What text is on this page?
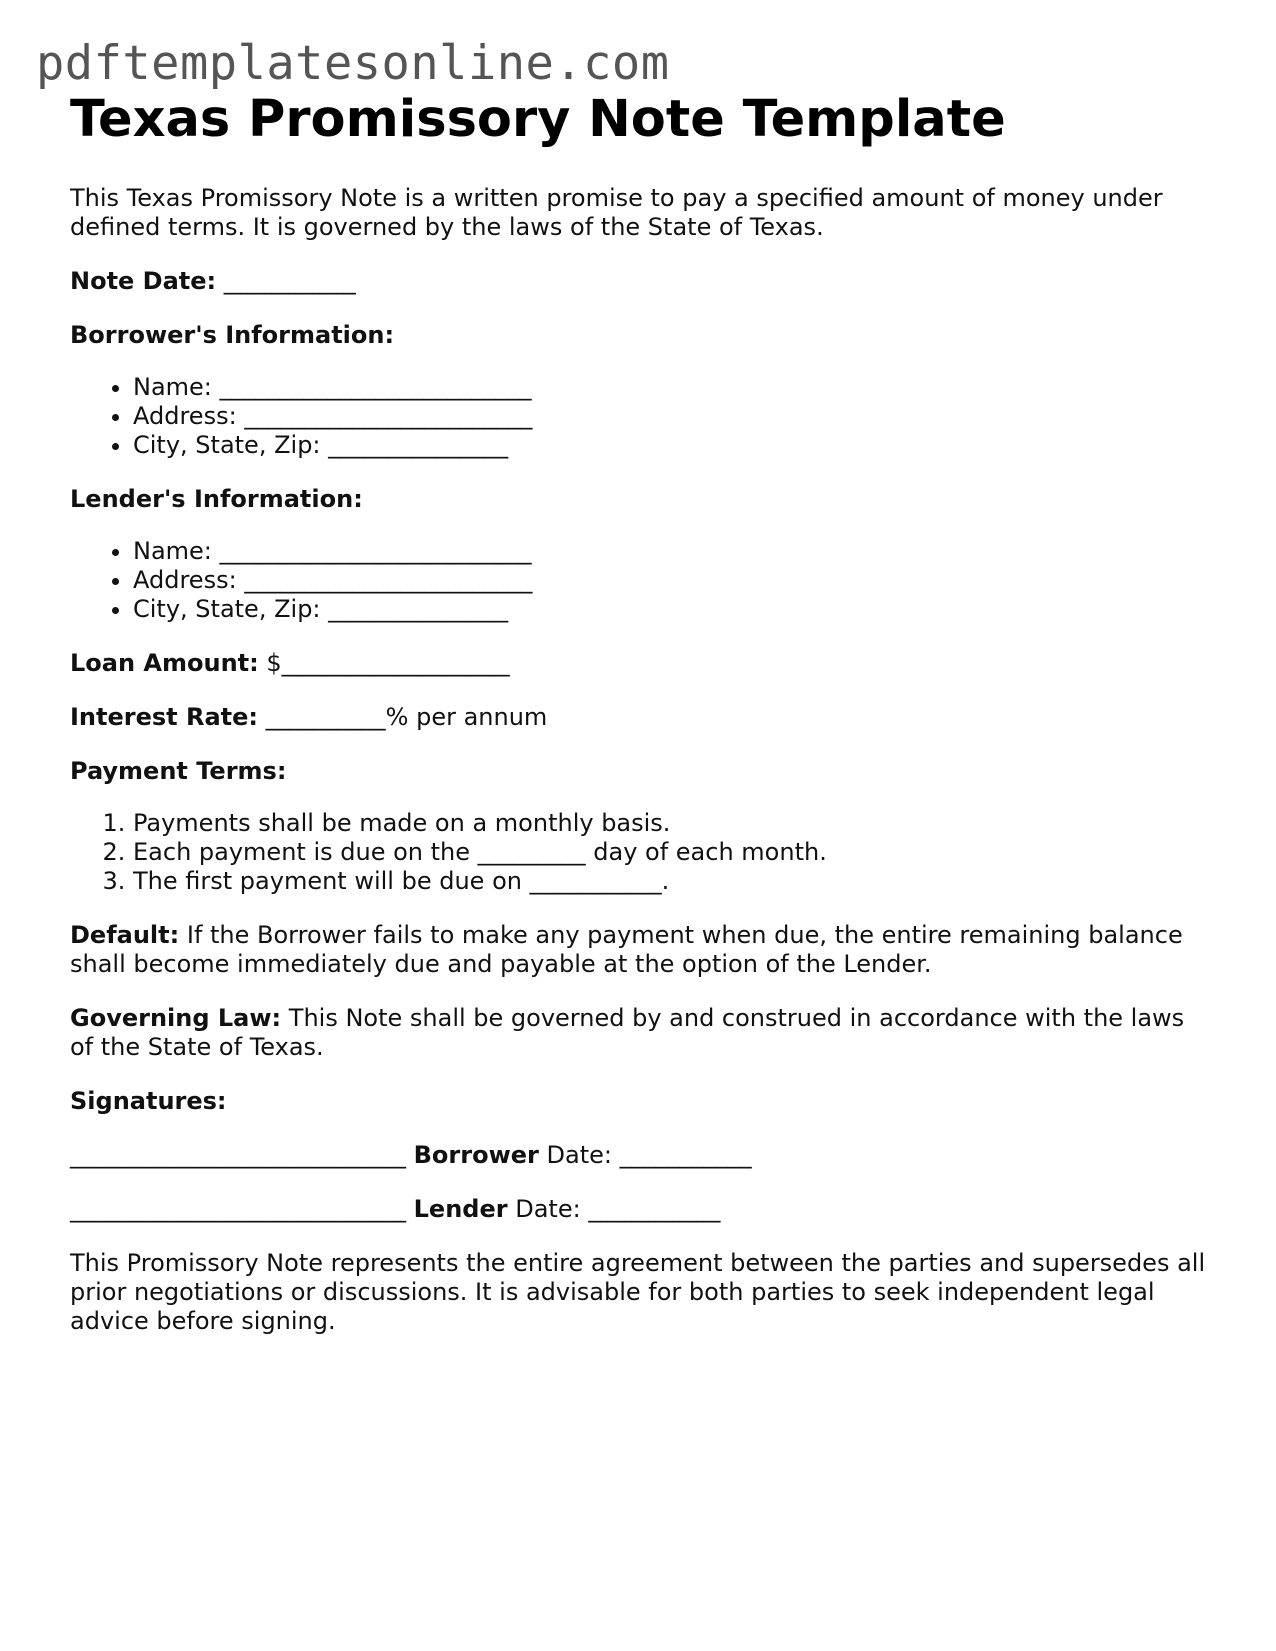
pdftemplatesonline.com
Texas Promissory Note Template

This Texas Promissory Note is a written promise to pay a specified amount of money under defined terms. It is governed by the laws of the State of Texas.

Note Date: ___________

Borrower's Information:

• Name: __________________________
• Address: ________________________
• City, State, Zip: _______________

Lender's Information:

• Name: __________________________
• Address: ________________________
• City, State, Zip: _______________

Loan Amount: $___________________

Interest Rate: __________% per annum

Payment Terms:

1. Payments shall be made on a monthly basis.
2. Each payment is due on the _________ day of each month.
3. The first payment will be due on ___________.

Default: If the Borrower fails to make any payment when due, the entire remaining balance shall become immediately due and payable at the option of the Lender.

Governing Law: This Note shall be governed by and construed in accordance with the laws of the State of Texas.

Signatures:

____________________________ Borrower Date: ___________

____________________________ Lender Date: ___________

This Promissory Note represents the entire agreement between the parties and supersedes all prior negotiations or discussions. It is advisable for both parties to seek independent legal advice before signing.
